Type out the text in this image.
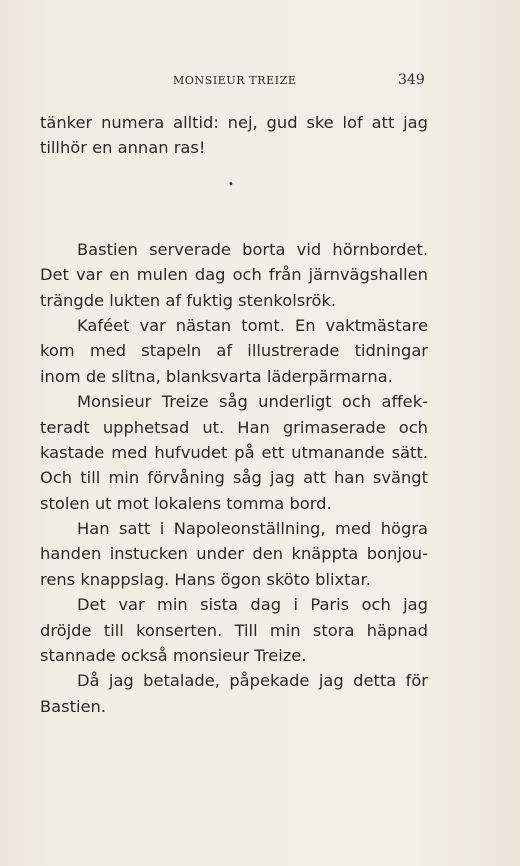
MONSIEUR TREIZE	349
tänker numera alltid: nej, gud ske lof att jag
tillhör en annan ras!
•
Bastien serverade borta vid hörnbordet.
Det var en mulen dag och från järnvägshallen
trängde lukten af fuktig stenkolsrök.
Kaféet var nästan tomt. En vaktmästare
kom med stapeln af illustrerade tidningar
inom de slitna, blanksvarta läderpärmarna.
Monsieur Treize såg underligt och affek-
teradt upphetsad ut. Han grimaserade och
kastade med hufvudet på ett utmanande sätt.
Och till min förvåning såg jag att han svängt
stolen ut mot lokalens tomma bord.
Han satt i Napoleonställning, med högra
handen instucken under den knäppta bonjou-
rens knappslag. Hans ögon sköto blixtar.
Det var min sista dag i Paris och jag
dröjde till konserten. Till min stora häpnad
stannade också monsieur Treize.
Då jag betalade, påpekade jag detta för
Bastien.
